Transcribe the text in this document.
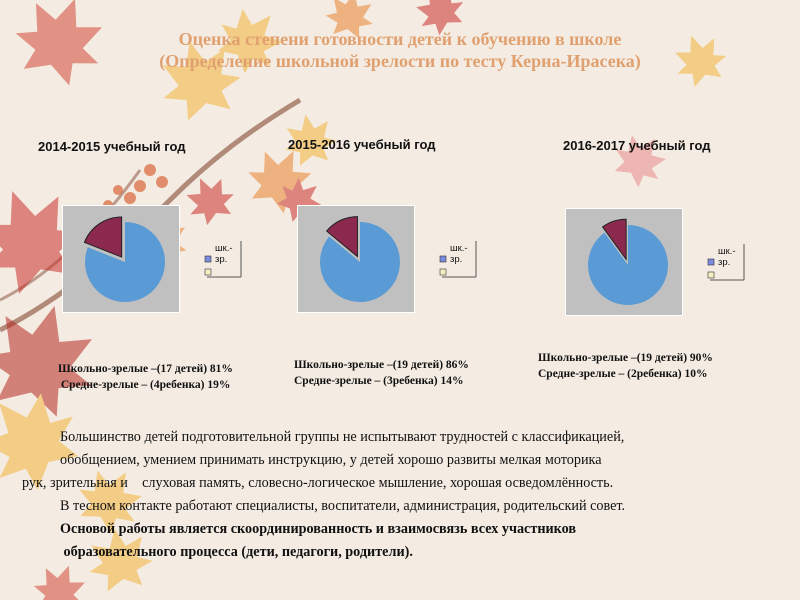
Оценка степени готовности детей к обучению в школе
(Определение школьной зрелости по тесту Керна-Ирасека)
2014-2015 учебный год	2015-2016 учебный год	2016-2017 учебный год
шк.-зр.
шк.-зр.
шк.-зр.
Школьно-зрелые –(17 детей) 81%
Средне-зрелые – (4ребенка) 19%
Школьно-зрелые –(19 детей) 86%
Средне-зрелые – (3ребенка) 14%
Школьно-зрелые –(19 детей) 90%
Средне-зрелые – (2ребенка) 10%
Большинство детей подготовительной группы не испытывают трудностей с классификацией,
обобщением, умением принимать инструкцию, у детей хорошо развиты мелкая моторика
рук, зрительная и    слуховая память, словесно-логическое мышление, хорошая осведомлённость.
В тесном контакте работают специалисты, воспитатели, администрация, родительский совет.
Основой работы является скоординированность и взаимосвязь всех участников
образовательного процесса (дети, педагоги, родители).
